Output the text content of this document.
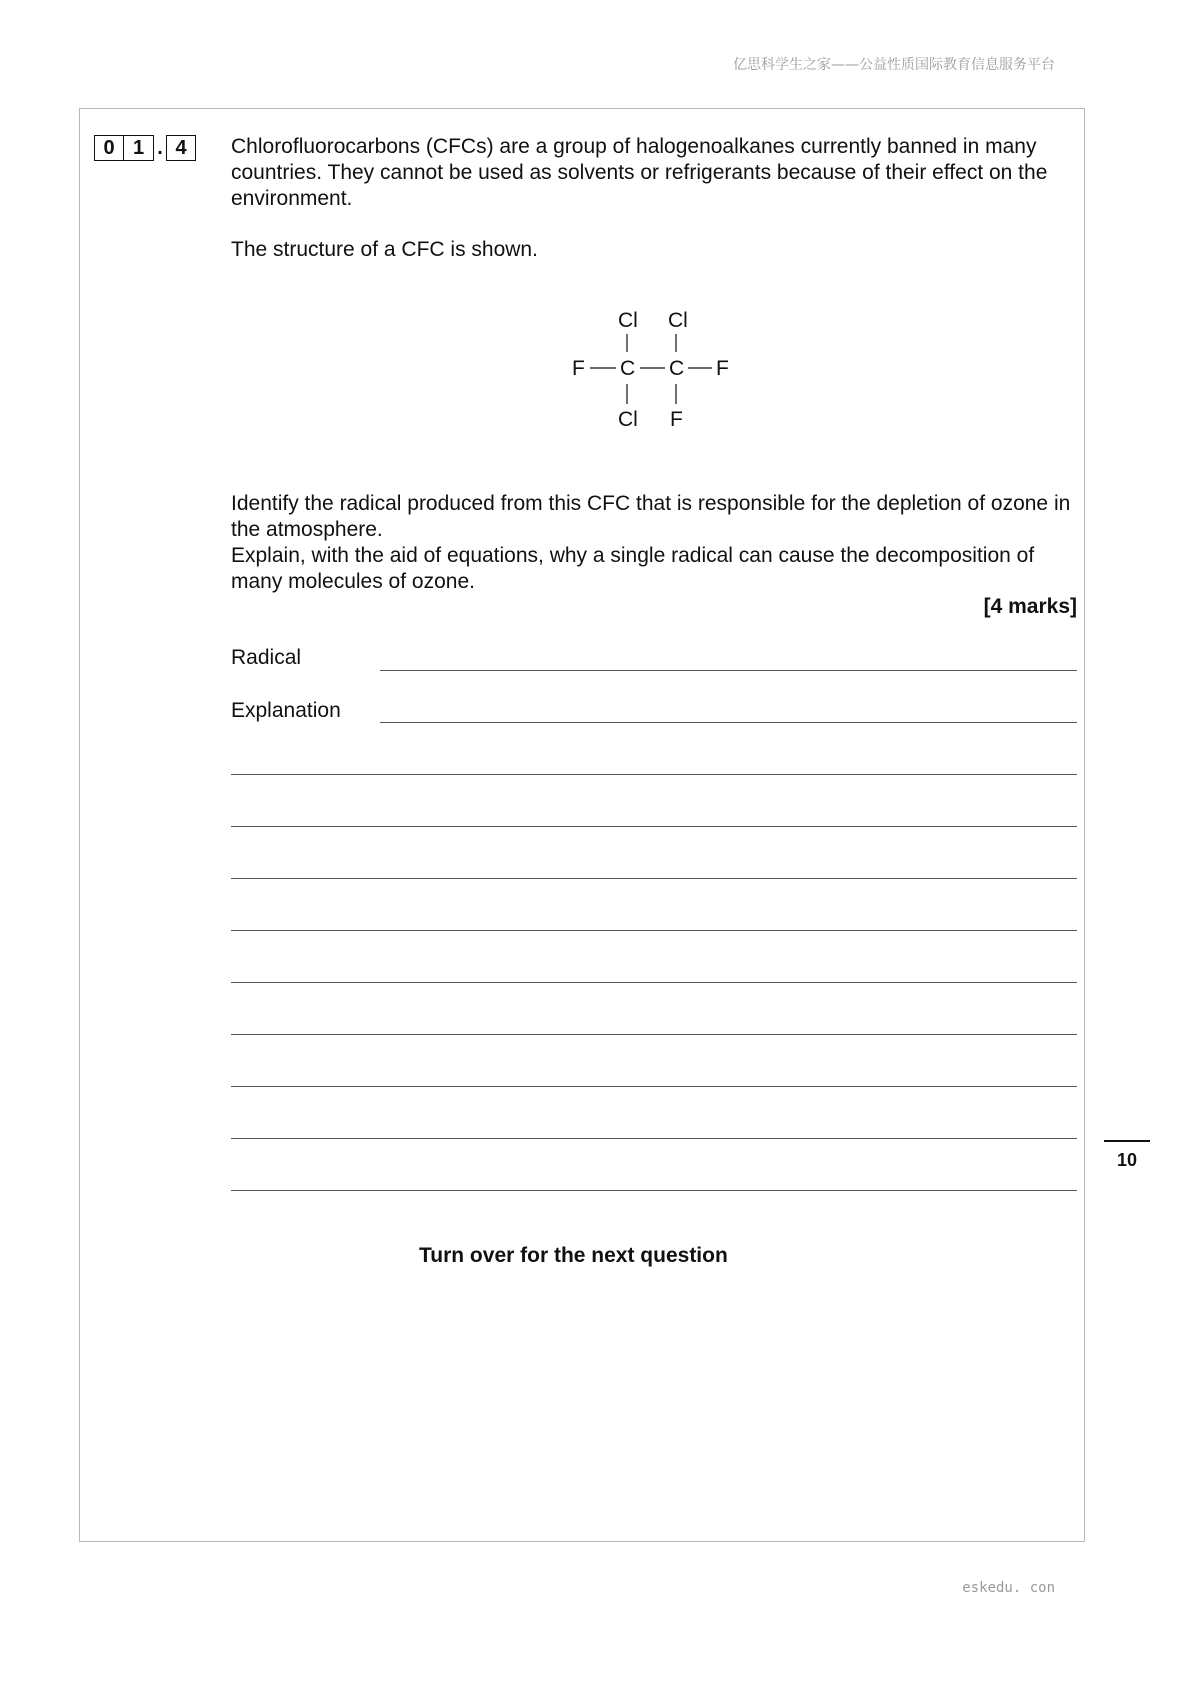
亿思科学生之家——公益性质国际教育信息服务平台
0 1 . 4	Chlorofluorocarbons (CFCs) are a group of halogenoalkanes currently banned in many countries. They cannot be used as solvents or refrigerants because of their effect on the environment.
The structure of a CFC is shown.
Cl Cl
F C C F
Cl F
Identify the radical produced from this CFC that is responsible for the depletion of ozone in the atmosphere.
Explain, with the aid of equations, why a single radical can cause the decomposition of many molecules of ozone.
[4 marks]
Radical
Explanation
10
Turn over for the next question
eskedu. con
